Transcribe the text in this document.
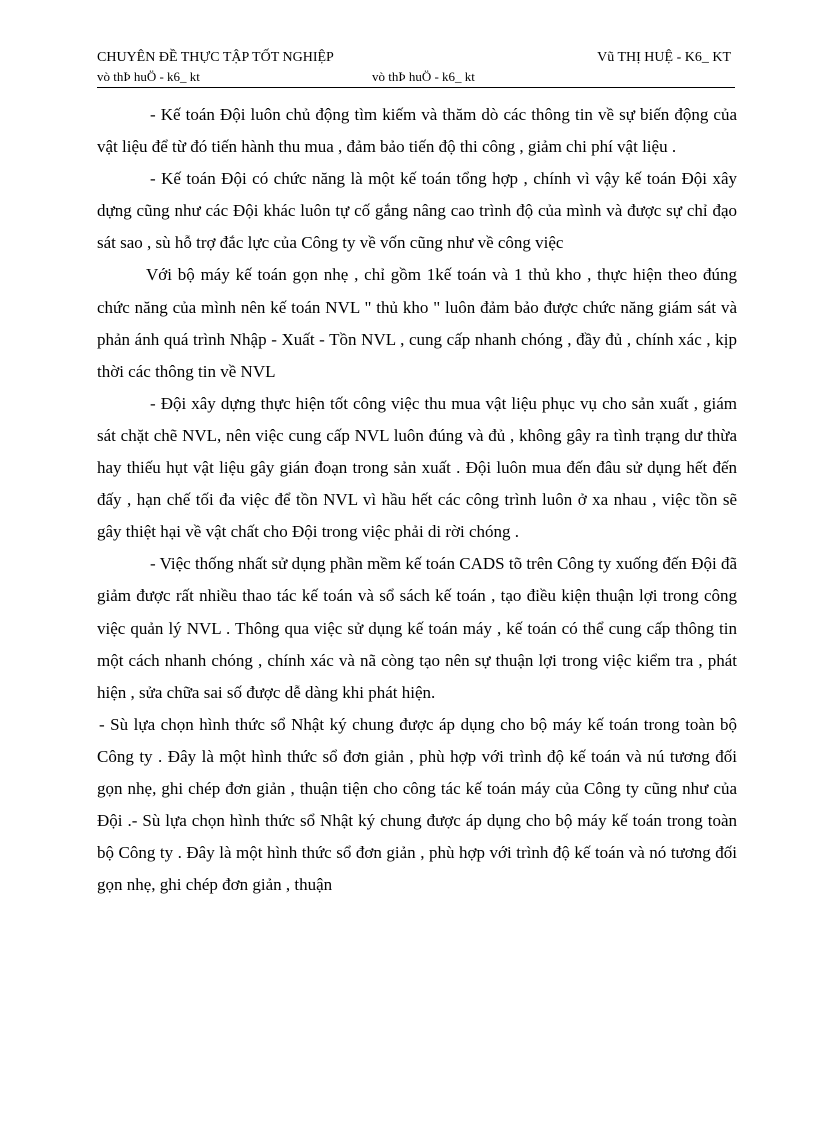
CHUYÊN ĐỀ THỰC TẬP TỐT NGHIỆP	Vũ THỊ HUỆ - K6_ KT
vò thÞ huÖ - k6_ kt	vò thÞ huÖ - k6_ kt

- Kế toán Đội luôn chủ động tìm kiếm và thăm dò các thông tin về sự biến động của vật liệu để từ đó tiến hành thu mua , đảm bảo tiến độ thi công , giảm chi phí vật liệu .

- Kế toán Đội có chức năng là một kế toán tổng hợp , chính vì vậy kế toán Đội xây dựng cũng như các Đội khác luôn tự cố gắng nâng cao trình độ của mình và được sự chỉ đạo sát sao , sù hỗ trợ đắc lực của Công ty về vốn cũng như về công việc

Với bộ máy kế toán gọn nhẹ , chỉ gồm 1kế toán và 1 thủ kho , thực hiện theo đúng chức năng của mình nên kế toán NVL " thủ kho " luôn đảm bảo được chức năng giám sát và phản ánh quá trình Nhập - Xuất - Tồn NVL , cung cấp nhanh chóng , đầy đủ , chính xác , kịp thời các thông tin về NVL

- Đội xây dựng thực hiện tốt công việc thu mua vật liệu phục vụ cho sản xuất , giám sát chặt chẽ NVL, nên việc cung cấp NVL luôn đúng và đủ , không gây ra tình trạng dư thừa hay thiếu hụt vật liệu gây gián đoạn trong sản xuất . Đội luôn mua đến đâu sử dụng hết đến đấy , hạn chế tối đa việc để tồn NVL vì hầu hết các công trình luôn ở xa nhau , việc tồn sẽ gây thiệt hại về vật chất cho Đội trong việc phải di rời chóng .

- Việc thống nhất sử dụng phần mềm kế toán CADS tõ trên Công ty xuống đến Đội đã giảm được rất nhiều thao tác kế toán và sổ sách kế toán , tạo điều kiện thuận lợi trong công việc quản lý NVL . Thông qua việc sử dụng kế toán máy , kế toán có thể cung cấp thông tin một cách nhanh chóng , chính xác và nã còng tạo nên sự thuận lợi trong việc kiểm tra , phát hiện , sửa chữa sai số được dễ dàng khi phát hiện.

- Sù lựa chọn hình thức sổ Nhật ký chung được áp dụng cho bộ máy kế toán trong toàn bộ Công ty . Đây là một hình thức sổ đơn giản , phù hợp với trình độ kế toán và nú tương đối gọn nhẹ, ghi chép đơn giản , thuận tiện cho công tác kế toán máy của Công ty cũng như của Đội .- Sù lựa chọn hình thức sổ Nhật ký chung được áp dụng cho bộ máy kế toán trong toàn bộ Công ty . Đây là một hình thức sổ đơn giản , phù hợp với trình độ kế toán và nó tương đối gọn nhẹ, ghi chép đơn giản , thuận
